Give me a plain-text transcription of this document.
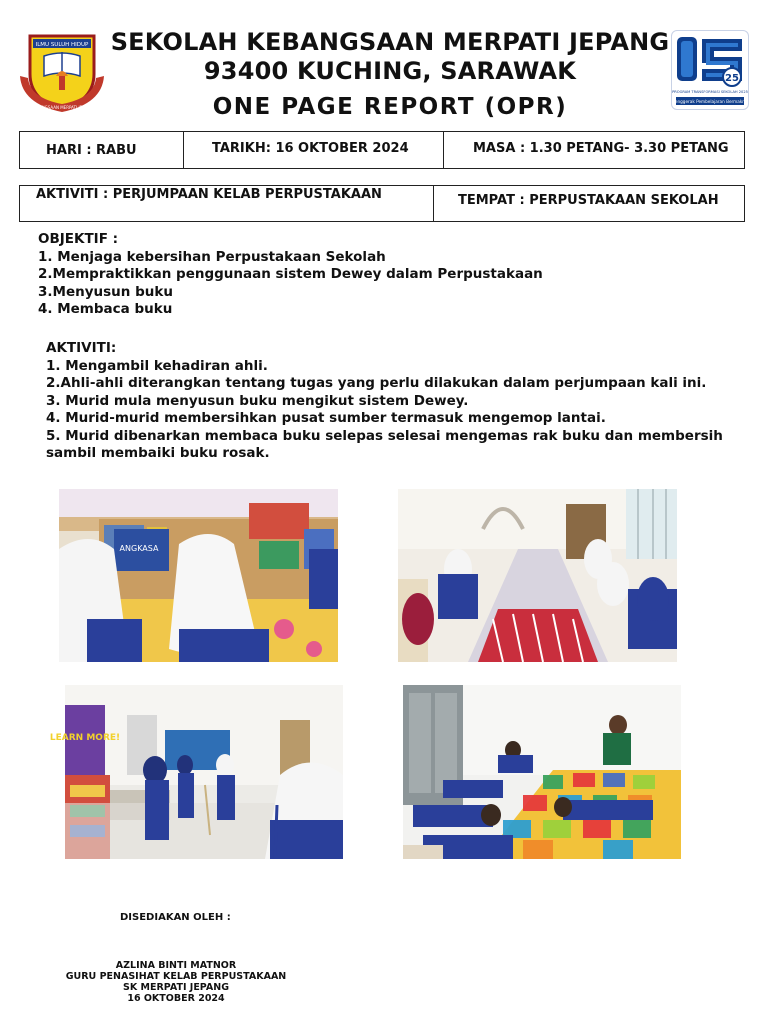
ILMU SULUH HIDUP
SEKOLAH KEBANGSAAN MERPATI JEPANG KUCHING
SEKOLAH KEBANGSAAN MERPATI JEPANG
93400 KUCHING, SARAWAK
ONE PAGE REPORT (OPR)
25
PROGRAM TRANSFORMASI SEKOLAH 2025
Penggerak Pembelajaran Bermakna
HARI : RABU	TARIKH: 16 OKTOBER 2024	MASA : 1.30 PETANG- 3.30 PETANG
AKTIVITI : PERJUMPAAN KELAB PERPUSTAKAAN	TEMPAT : PERPUSTAKAAN SEKOLAH
OBJEKTIF :
1. Menjaga kebersihan Perpustakaan Sekolah
2.Mempraktikkan penggunaan sistem Dewey dalam Perpustakaan
3.Menyusun buku
4. Membaca buku
AKTIVITI:
1. Mengambil kehadiran ahli.
2.Ahli-ahli diterangkan tentang tugas yang perlu dilakukan dalam perjumpaan kali ini.
3. Murid mula menyusun buku mengikut sistem Dewey.
4. Murid-murid membersihkan pusat sumber termasuk mengemop lantai.
5. Murid dibenarkan membaca buku selepas selesai mengemas rak buku dan membersih
sambil membaiki buku rosak.
ANGKASA
LEARN MORE!
DISEDIAKAN OLEH :
AZLINA BINTI MATNOR
GURU PENASIHAT KELAB PERPUSTAKAAN
SK MERPATI JEPANG
16 OKTOBER 2024
